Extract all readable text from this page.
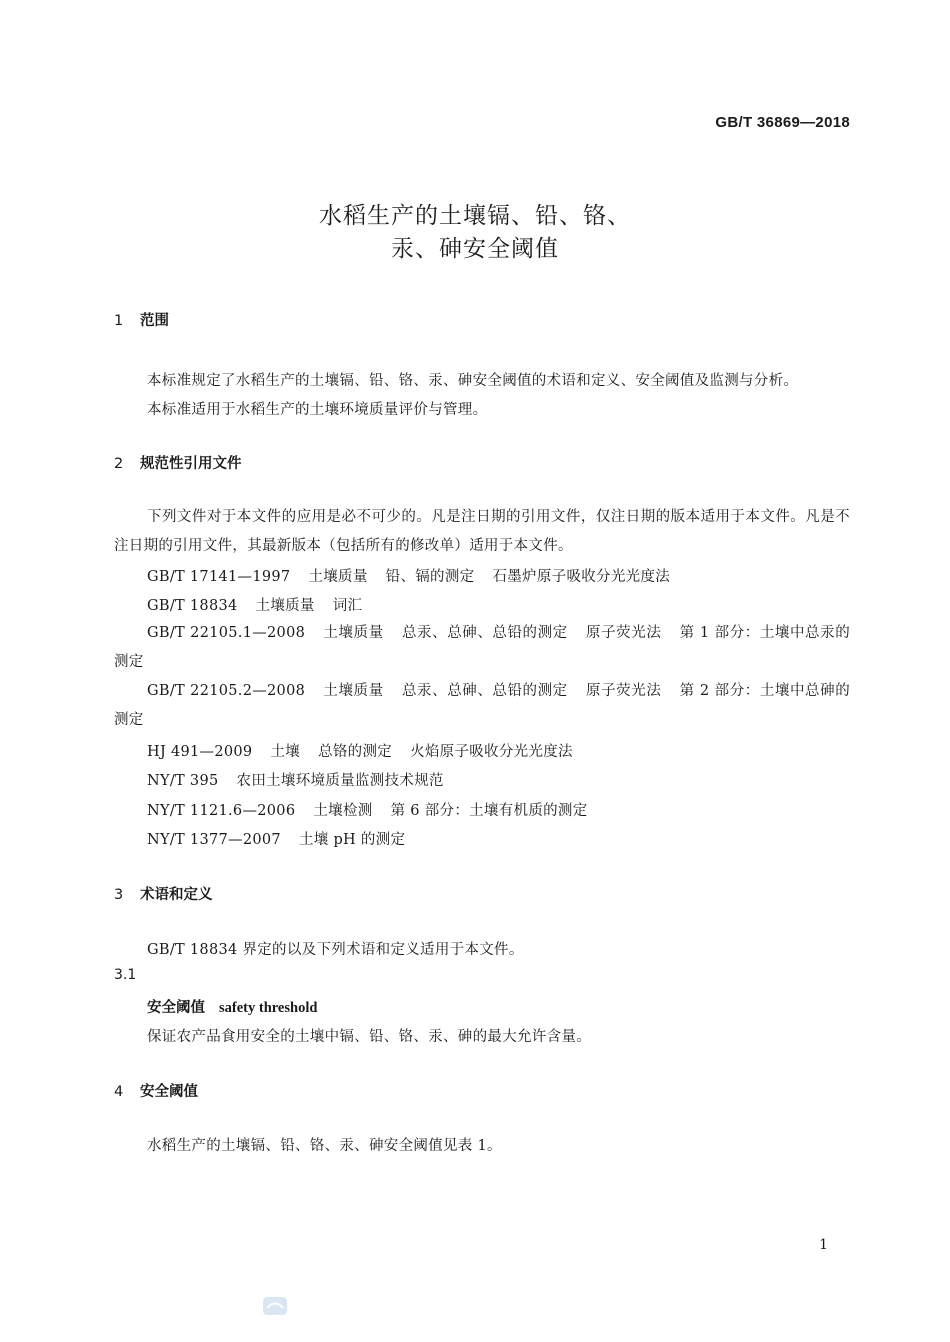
GB/T 36869—2018
水稻生产的土壤镉、铅、铬、
汞、砷安全阈值
1 范围
本标准规定了水稻生产的土壤镉、铅、铬、汞、砷安全阈值的术语和定义、安全阈值及监测与分析。
本标准适用于水稻生产的土壤环境质量评价与管理。
2 规范性引用文件
下列文件对于本文件的应用是必不可少的。凡是注日期的引用文件，仅注日期的版本适用于本文件。凡是不注日期的引用文件，其最新版本（包括所有的修改单）适用于本文件。
GB/T 17141—1997 土壤质量 铅、镉的测定 石墨炉原子吸收分光光度法
GB/T 18834 土壤质量 词汇
GB/T 22105.1—2008 土壤质量 总汞、总砷、总铅的测定 原子荧光法 第 1 部分：土壤中总汞的测定
GB/T 22105.2—2008 土壤质量 总汞、总砷、总铅的测定 原子荧光法 第 2 部分：土壤中总砷的测定
HJ 491—2009 土壤 总铬的测定 火焰原子吸收分光光度法
NY/T 395 农田土壤环境质量监测技术规范
NY/T 1121.6—2006 土壤检测 第 6 部分：土壤有机质的测定
NY/T 1377—2007 土壤 pH 的测定
3 术语和定义
GB/T 18834 界定的以及下列术语和定义适用于本文件。
3.1
安全阈值 safety threshold
保证农产品食用安全的土壤中镉、铅、铬、汞、砷的最大允许含量。
4 安全阈值
水稻生产的土壤镉、铅、铬、汞、砷安全阈值见表 1。
1
